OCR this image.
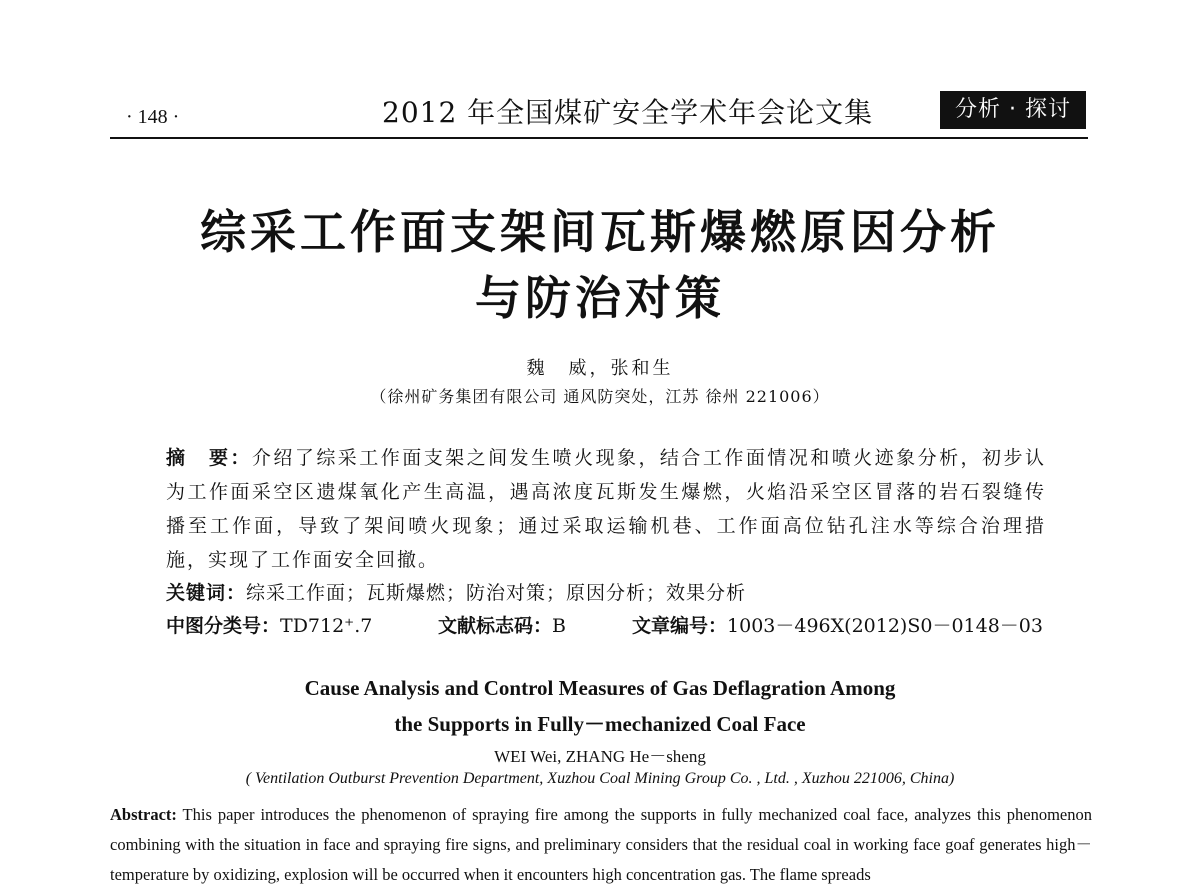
· 148 ·	2012 年全国煤矿安全学术年会论文集	分析 · 探讨
综采工作面支架间瓦斯爆燃原因分析
与防治对策
魏　威，张和生
（徐州矿务集团有限公司 通风防突处，江苏 徐州 221006）
摘　要：介绍了综采工作面支架之间发生喷火现象，结合工作面情况和喷火迹象分析，初步认为工作面采空区遗煤氧化产生高温，遇高浓度瓦斯发生爆燃，火焰沿采空区冒落的岩石裂缝传播至工作面，导致了架间喷火现象；通过采取运输机巷、工作面高位钻孔注水等综合治理措施，实现了工作面安全回撤。
关键词：综采工作面；瓦斯爆燃；防治对策；原因分析；效果分析
中图分类号：TD712⁺.7	文献标志码：B	文章编号：1003－496X(2012)S0－0148－03
Cause Analysis and Control Measures of Gas Deflagration Among
the Supports in Fully－mechanized Coal Face
WEI Wei, ZHANG He－sheng
( Ventilation Outburst Prevention Department, Xuzhou Coal Mining Group Co. , Ltd. , Xuzhou 221006, China)
Abstract: This paper introduces the phenomenon of spraying fire among the supports in fully mechanized coal face, analyzes this phenomenon combining with the situation in face and spraying fire signs, and preliminary considers that the residual coal in working face goaf generates high－temperature by oxidizing, explosion will be occurred when it encounters high concentration gas. The flame spreads
